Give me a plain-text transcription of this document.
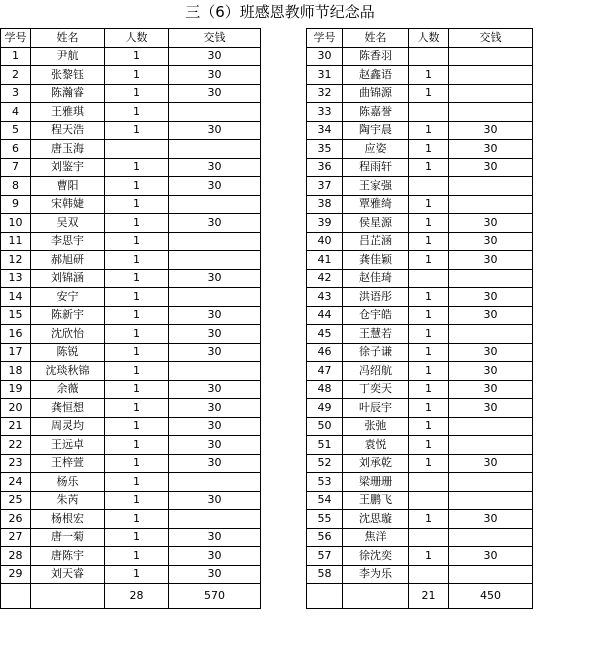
三（6）班感恩教师节纪念品
学号	姓名	人数	交钱		学号	姓名	人数	交钱	
1	尹航	1	30		30	陈香羽			
2	张黎钰	1	30		31	赵鑫语	1		
3	陈瀚睿	1	30		32	曲锦源	1		
4	王雅琪	1			33	陈嘉誉			
5	程天浩	1	30		34	陶宇晨	1	30	
6	唐玉海				35	应姿	1	30	
7	刘鉴宇	1	30		36	程雨轩	1	30	
8	曹阳	1	30		37	王家强			
9	宋韩婕	1			38	覃雅绮	1		
10	吴双	1	30		39	侯星源	1	30	
11	李思宇	1			40	吕芷涵	1	30	
12	郝旭研	1			41	龚佳颖	1	30	
13	刘锦涵	1	30		42	赵佳琦			
14	安宁	1			43	洪语彤	1	30	
15	陈新宇	1	30		44	仓宇皓	1	30	
16	沈欣怡	1	30		45	王慧若	1		
17	陈锐	1	30		46	徐子谦	1	30	
18	沈琰秋锦	1			47	冯绍航	1	30	
19	余薇	1	30		48	丁奕天	1	30	
20	龚恒想	1	30		49	叶辰宇	1	30	
21	周灵均	1	30		50	张弛	1		
22	王远卓	1	30		51	袁悦	1		
23	王梓萱	1	30		52	刘承乾	1	30	
24	杨乐	1			53	梁珊珊			
25	朱芮	1	30		54	王鹏飞			
26	杨根宏	1			55	沈思璇	1	30	
27	唐一菊	1	30		56	焦洋			
28	唐陈宇	1	30		57	徐沈奕	1	30	
29	刘天睿	1	30		58	李为乐			
		28	570				21	450	
